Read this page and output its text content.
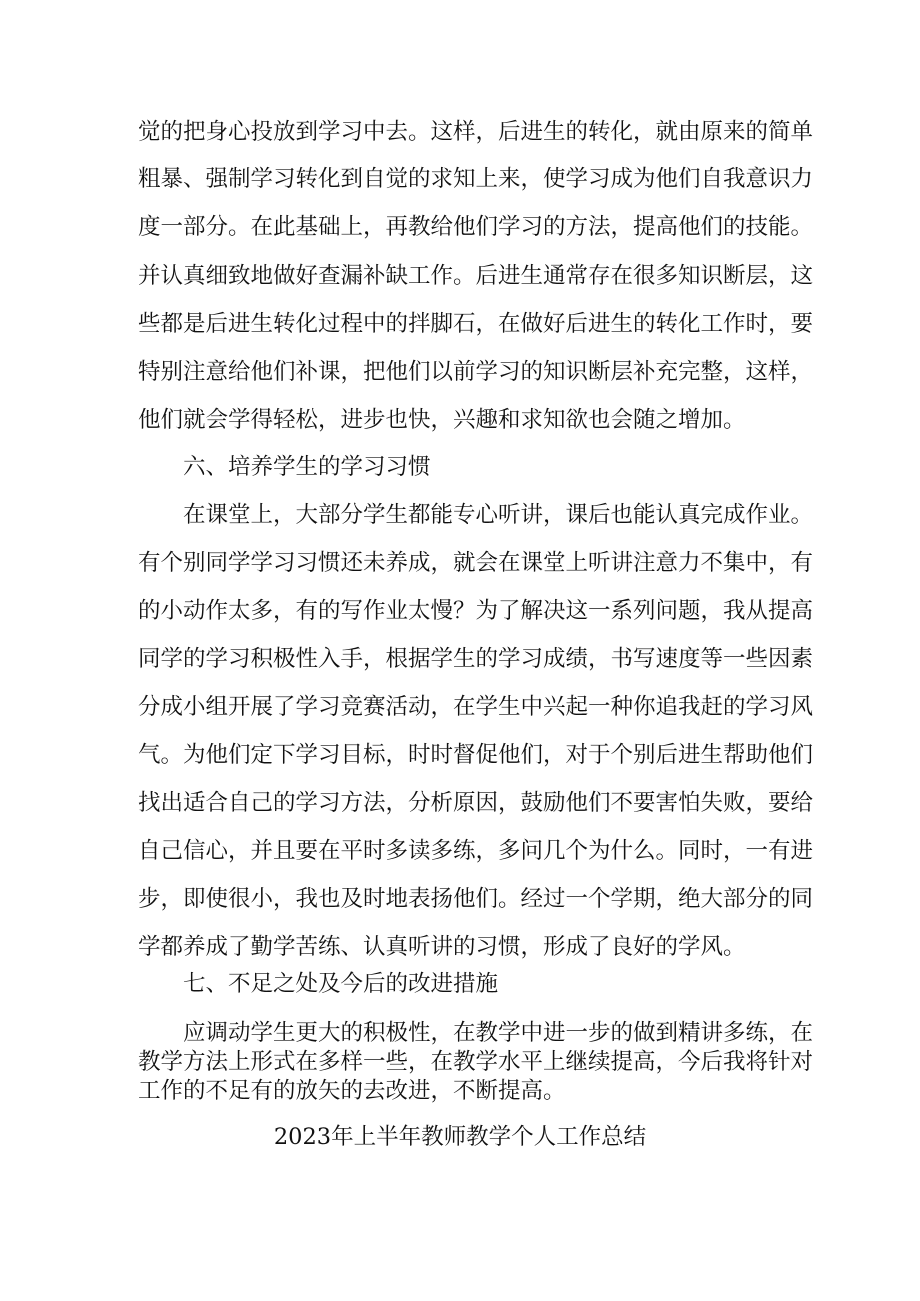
觉的把身心投放到学习中去。这样，后进生的转化，就由原来的简单
粗暴、强制学习转化到自觉的求知上来，使学习成为他们自我意识力
度一部分。在此基础上，再教给他们学习的方法，提高他们的技能。
并认真细致地做好查漏补缺工作。后进生通常存在很多知识断层，这
些都是后进生转化过程中的拌脚石，在做好后进生的转化工作时，要
特别注意给他们补课，把他们以前学习的知识断层补充完整，这样，
他们就会学得轻松，进步也快，兴趣和求知欲也会随之增加。
六、培养学生的学习习惯
在课堂上，大部分学生都能专心听讲，课后也能认真完成作业。
有个别同学学习习惯还未养成，就会在课堂上听讲注意力不集中，有
的小动作太多，有的写作业太慢？为了解决这一系列问题，我从提高
同学的学习积极性入手，根据学生的学习成绩，书写速度等一些因素
分成小组开展了学习竞赛活动，在学生中兴起一种你追我赶的学习风
气。为他们定下学习目标，时时督促他们，对于个别后进生帮助他们
找出适合自己的学习方法，分析原因，鼓励他们不要害怕失败，要给
自己信心，并且要在平时多读多练，多问几个为什么。同时，一有进
步，即使很小，我也及时地表扬他们。经过一个学期，绝大部分的同
学都养成了勤学苦练、认真听讲的习惯，形成了良好的学风。
七、不足之处及今后的改进措施
应调动学生更大的积极性，在教学中进一步的做到精讲多练，在
教学方法上形式在多样一些，在教学水平上继续提高，今后我将针对
工作的不足有的放矢的去改进，不断提高。
2023年上半年教师教学个人工作总结
